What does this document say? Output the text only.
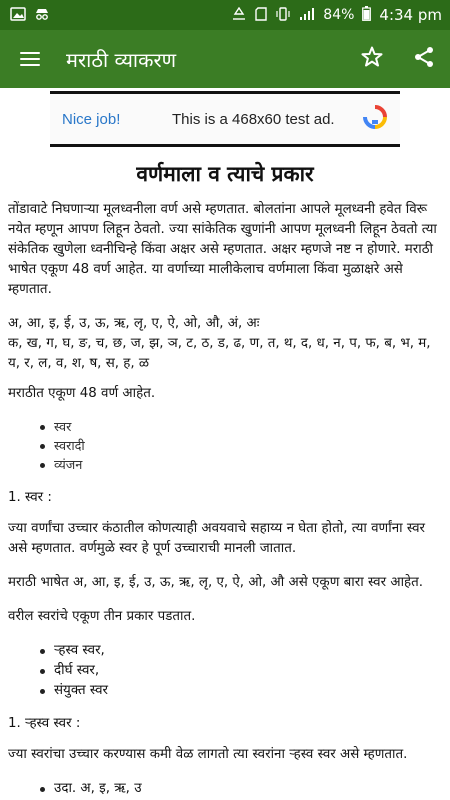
84% 4:34 pm
मराठी व्याकरण
Nice job!	This is a 468x60 test ad.
वर्णमाला व त्याचे प्रकार

तोंडावाटे निघणाऱ्या मूलध्वनीला वर्ण असे म्हणतात. बोलतांना आपले मूलध्वनी हवेत विरू नयेत म्हणून आपण लिहून ठेवतो. ज्या सांकेतिक खुणांनी आपण मूलध्वनी लिहून ठेवतो त्या संकेतिक खुणेला ध्वनीचिन्हे किंवा अक्षर असे म्हणतात. अक्षर म्हणजे नष्ट न होणारे. मराठी भाषेत एकूण 48 वर्ण आहेत. या वर्णाच्या मालीकेलाच वर्णमाला किंवा मुळाक्षरे असे म्हणतात.

अ, आ, इ, ई, उ, ऊ, ऋ, लृ, ए, ऐ, ओ, औ, अं, अः
क, ख, ग, घ, ङ, च, छ, ज, झ, ञ, ट, ठ, ड, ढ, ण, त, थ, द, ध, न, प, फ, ब, भ, म, य, र, ल, व, श, ष, स, ह, ळ

मराठीत एकूण 48 वर्ण आहेत.

स्वर
स्वरादी
व्यंजन
1. स्वर :

ज्या वर्णांचा उच्चार कंठातील कोणत्याही अवयवाचे सहाय्य न घेता होतो, त्या वर्णांना स्वर असे म्हणतात. वर्णमुळे स्वर हे पूर्ण उच्चाराची मानली जातात.

मराठी भाषेत अ, आ, इ, ई, उ, ऊ, ऋ, लृ, ए, ऐ, ओ, औ असे एकूण बारा स्वर आहेत.

वरील स्वरांचे एकूण तीन प्रकार पडतात.

ऱ्हस्व स्वर,
दीर्घ स्वर,
संयुक्त स्वर
1. ऱ्हस्व स्वर :

ज्या स्वरांचा उच्चार करण्यास कमी वेळ लागतो त्या स्वरांना ऱ्हस्व स्वर असे म्हणतात.

उदा. अ, इ, ऋ, उ
